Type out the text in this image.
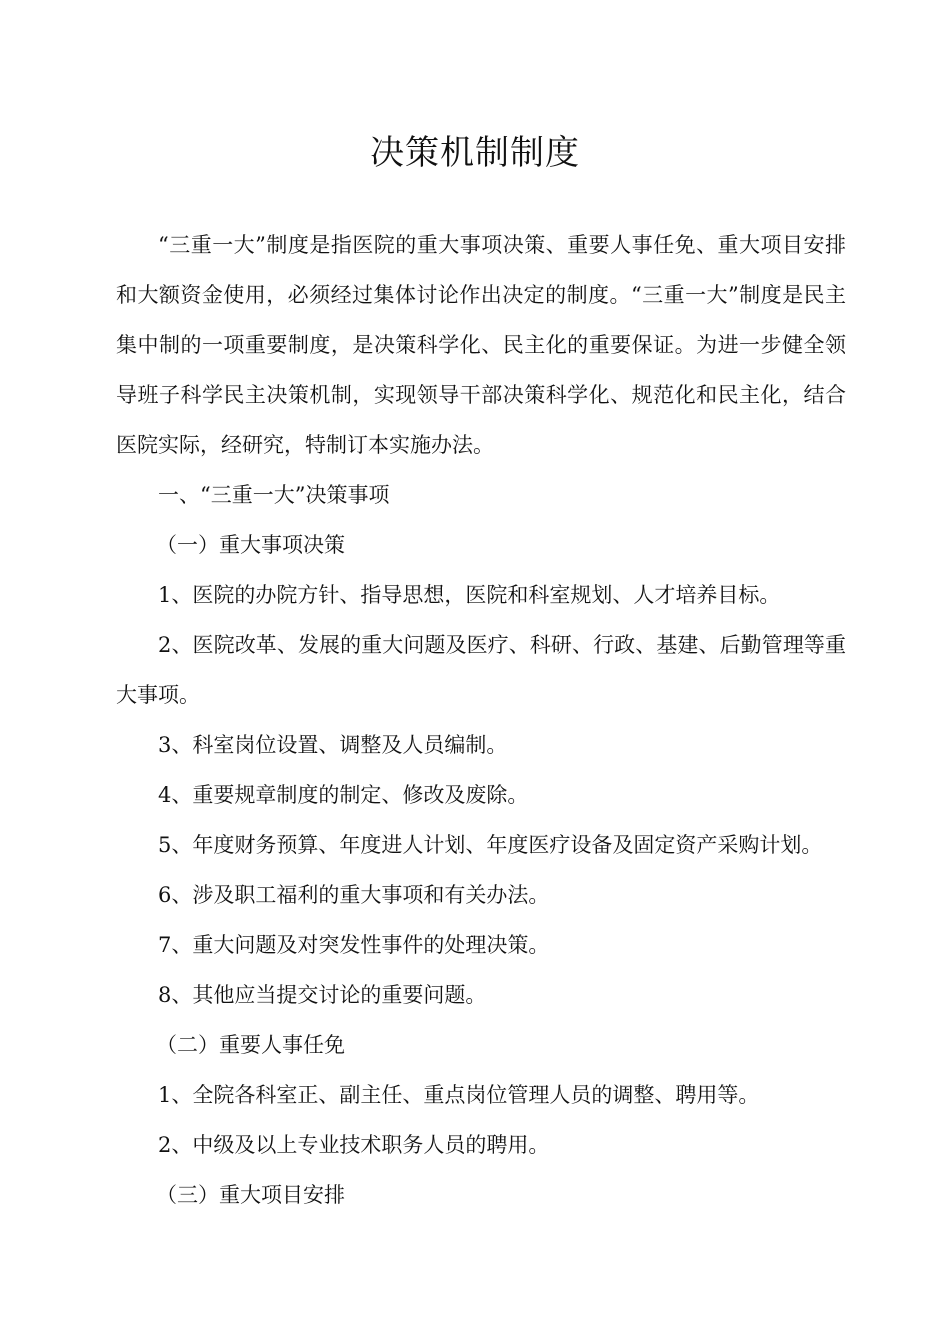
决策机制制度

“三重一大”制度是指医院的重大事项决策、重要人事任免、重大项目安排和大额资金使用，必须经过集体讨论作出决定的制度。“三重一大”制度是民主集中制的一项重要制度，是决策科学化、民主化的重要保证。为进一步健全领导班子科学民主决策机制，实现领导干部决策科学化、规范化和民主化，结合医院实际，经研究，特制订本实施办法。

一、“三重一大”决策事项

（一）重大事项决策

1、医院的办院方针、指导思想，医院和科室规划、人才培养目标。

2、医院改革、发展的重大问题及医疗、科研、行政、基建、后勤管理等重大事项。

3、科室岗位设置、调整及人员编制。

4、重要规章制度的制定、修改及废除。

5、年度财务预算、年度进人计划、年度医疗设备及固定资产采购计划。

6、涉及职工福利的重大事项和有关办法。

7、重大问题及对突发性事件的处理决策。

8、其他应当提交讨论的重要问题。

（二）重要人事任免

1、全院各科室正、副主任、重点岗位管理人员的调整、聘用等。

2、中级及以上专业技术职务人员的聘用。

（三）重大项目安排
